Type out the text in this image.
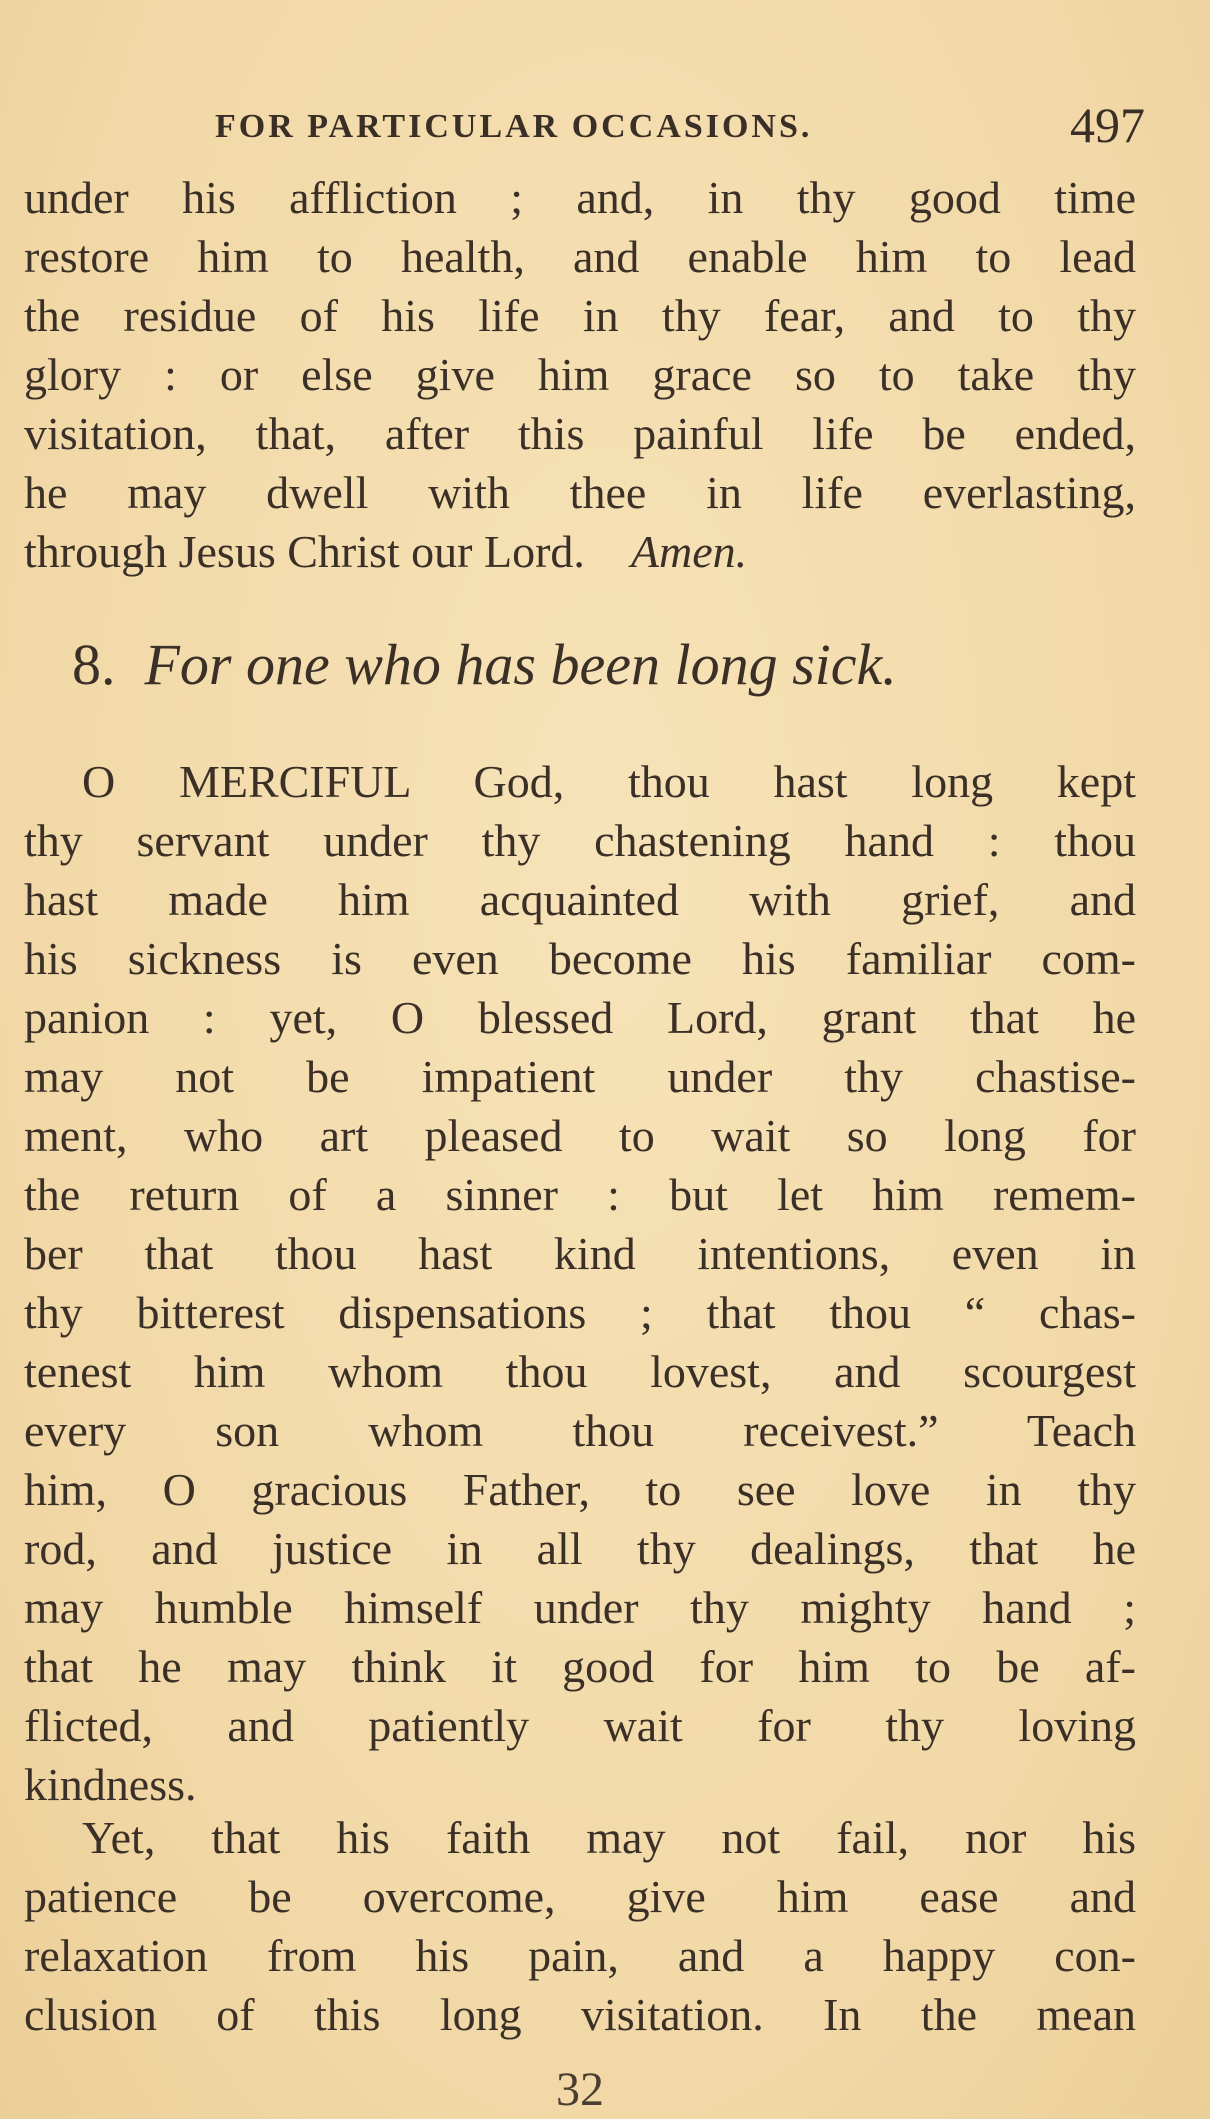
FOR PARTICULAR OCCASIONS.	497
under his affliction ; and, in thy good time
restore him to health, and enable him to lead
the residue of his life in thy fear, and to thy
glory : or else give him grace so to take thy
visitation, that, after this painful life be ended,
he may dwell with thee in life everlasting,
through Jesus Christ our Lord. Amen.
8. For one who has been long sick.
O MERCIFUL God, thou hast long kept
thy servant under thy chastening hand : thou
hast made him acquainted with grief, and
his sickness is even become his familiar com-
panion : yet, O blessed Lord, grant that he
may not be impatient under thy chastise-
ment, who art pleased to wait so long for
the return of a sinner : but let him remem-
ber that thou hast kind intentions, even in
thy bitterest dispensations ; that thou “ chas-
tenest him whom thou lovest, and scourgest
every son whom thou receivest.” Teach
him, O gracious Father, to see love in thy
rod, and justice in all thy dealings, that he
may humble himself under thy mighty hand ;
that he may think it good for him to be af-
flicted, and patiently wait for thy loving
kindness.
Yet, that his faith may not fail, nor his
patience be overcome, give him ease and
relaxation from his pain, and a happy con-
clusion of this long visitation. In the mean
32
